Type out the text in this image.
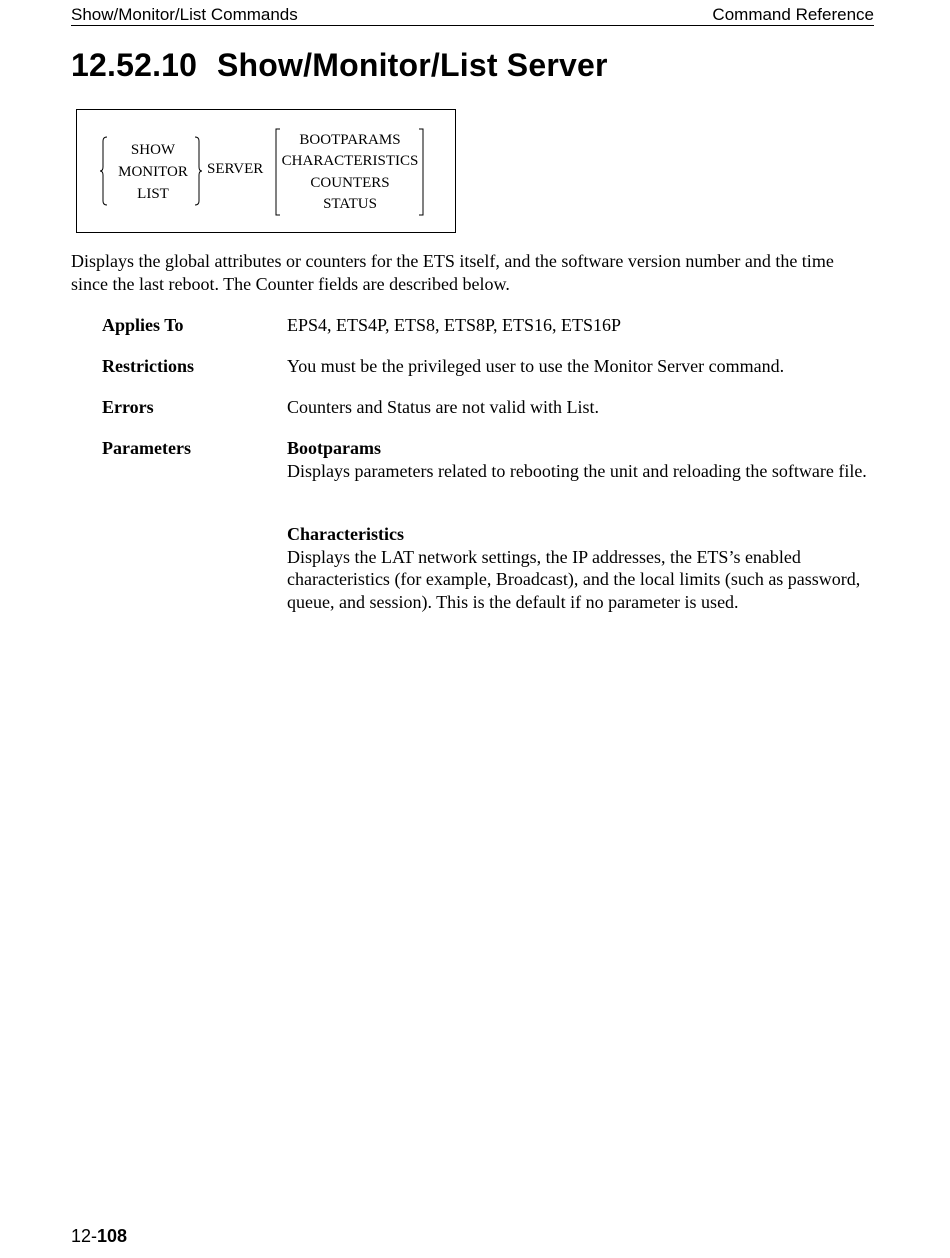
Show/Monitor/List Commands	Command Reference
12.52.10 Show/Monitor/List Server
SHOW
MONITOR
LIST
SERVER
BOOTPARAMS
CHARACTERISTICS
COUNTERS
STATUS

Displays the global attributes or counters for the ETS itself, and the software version number and the time since the last reboot. The Counter fields are described below.

Applies To	EPS4, ETS4P, ETS8, ETS8P, ETS16, ETS16P
Restrictions	You must be the privileged user to use the Monitor Server command.
Errors	Counters and Status are not valid with List.
Parameters	Bootparams
Displays parameters related to rebooting the unit and reloading the software file.
Characteristics
Displays the LAT network settings, the IP addresses, the ETS’s enabled characteristics (for example, Broadcast), and the local limits (such as password, queue, and session). This is the default if no parameter is used.
12-108
